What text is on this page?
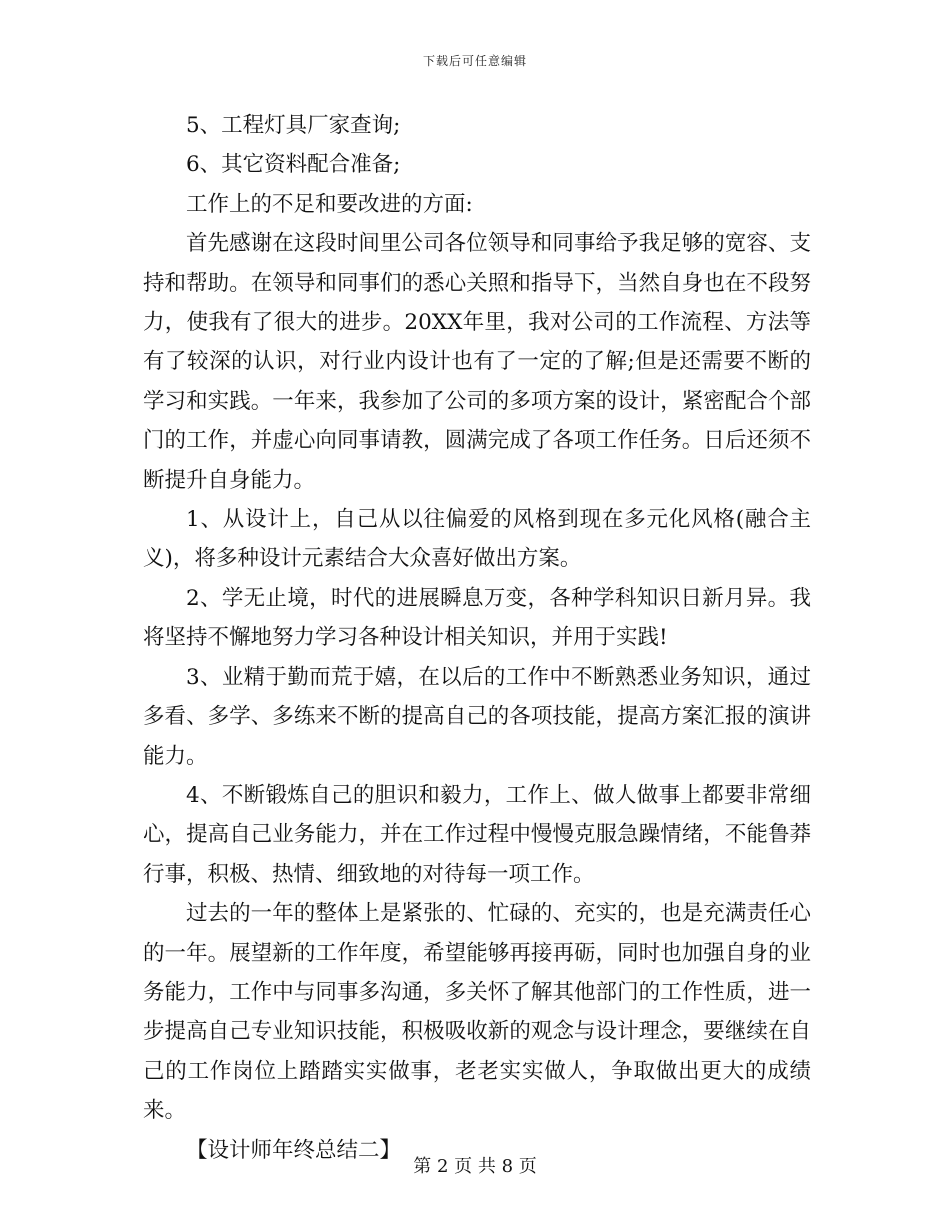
下载后可任意编辑

5、工程灯具厂家查询;

6、其它资料配合准备;

工作上的不足和要改进的方面:

首先感谢在这段时间里公司各位领导和同事给予我足够的宽容、支持和帮助。在领导和同事们的悉心关照和指导下，当然自身也在不段努力，使我有了很大的进步。20XX年里，我对公司的工作流程、方法等有了较深的认识，对行业内设计也有了一定的了解;但是还需要不断的学习和实践。一年来，我参加了公司的多项方案的设计，紧密配合个部门的工作，并虚心向同事请教，圆满完成了各项工作任务。日后还须不断提升自身能力。

1、从设计上，自己从以往偏爱的风格到现在多元化风格(融合主义)，将多种设计元素结合大众喜好做出方案。

2、学无止境，时代的进展瞬息万变，各种学科知识日新月异。我将坚持不懈地努力学习各种设计相关知识，并用于实践!

3、业精于勤而荒于嬉，在以后的工作中不断熟悉业务知识，通过多看、多学、多练来不断的提高自己的各项技能，提高方案汇报的演讲能力。

4、不断锻炼自己的胆识和毅力，工作上、做人做事上都要非常细心，提高自己业务能力，并在工作过程中慢慢克服急躁情绪，不能鲁莽行事，积极、热情、细致地的对待每一项工作。

过去的一年的整体上是紧张的、忙碌的、充实的，也是充满责任心的一年。展望新的工作年度，希望能够再接再砺，同时也加强自身的业务能力，工作中与同事多沟通，多关怀了解其他部门的工作性质，进一步提高自己专业知识技能，积极吸收新的观念与设计理念，要继续在自己的工作岗位上踏踏实实做事，老老实实做人，争取做出更大的成绩来。

【设计师年终总结二】

第 2 页 共 8 页
